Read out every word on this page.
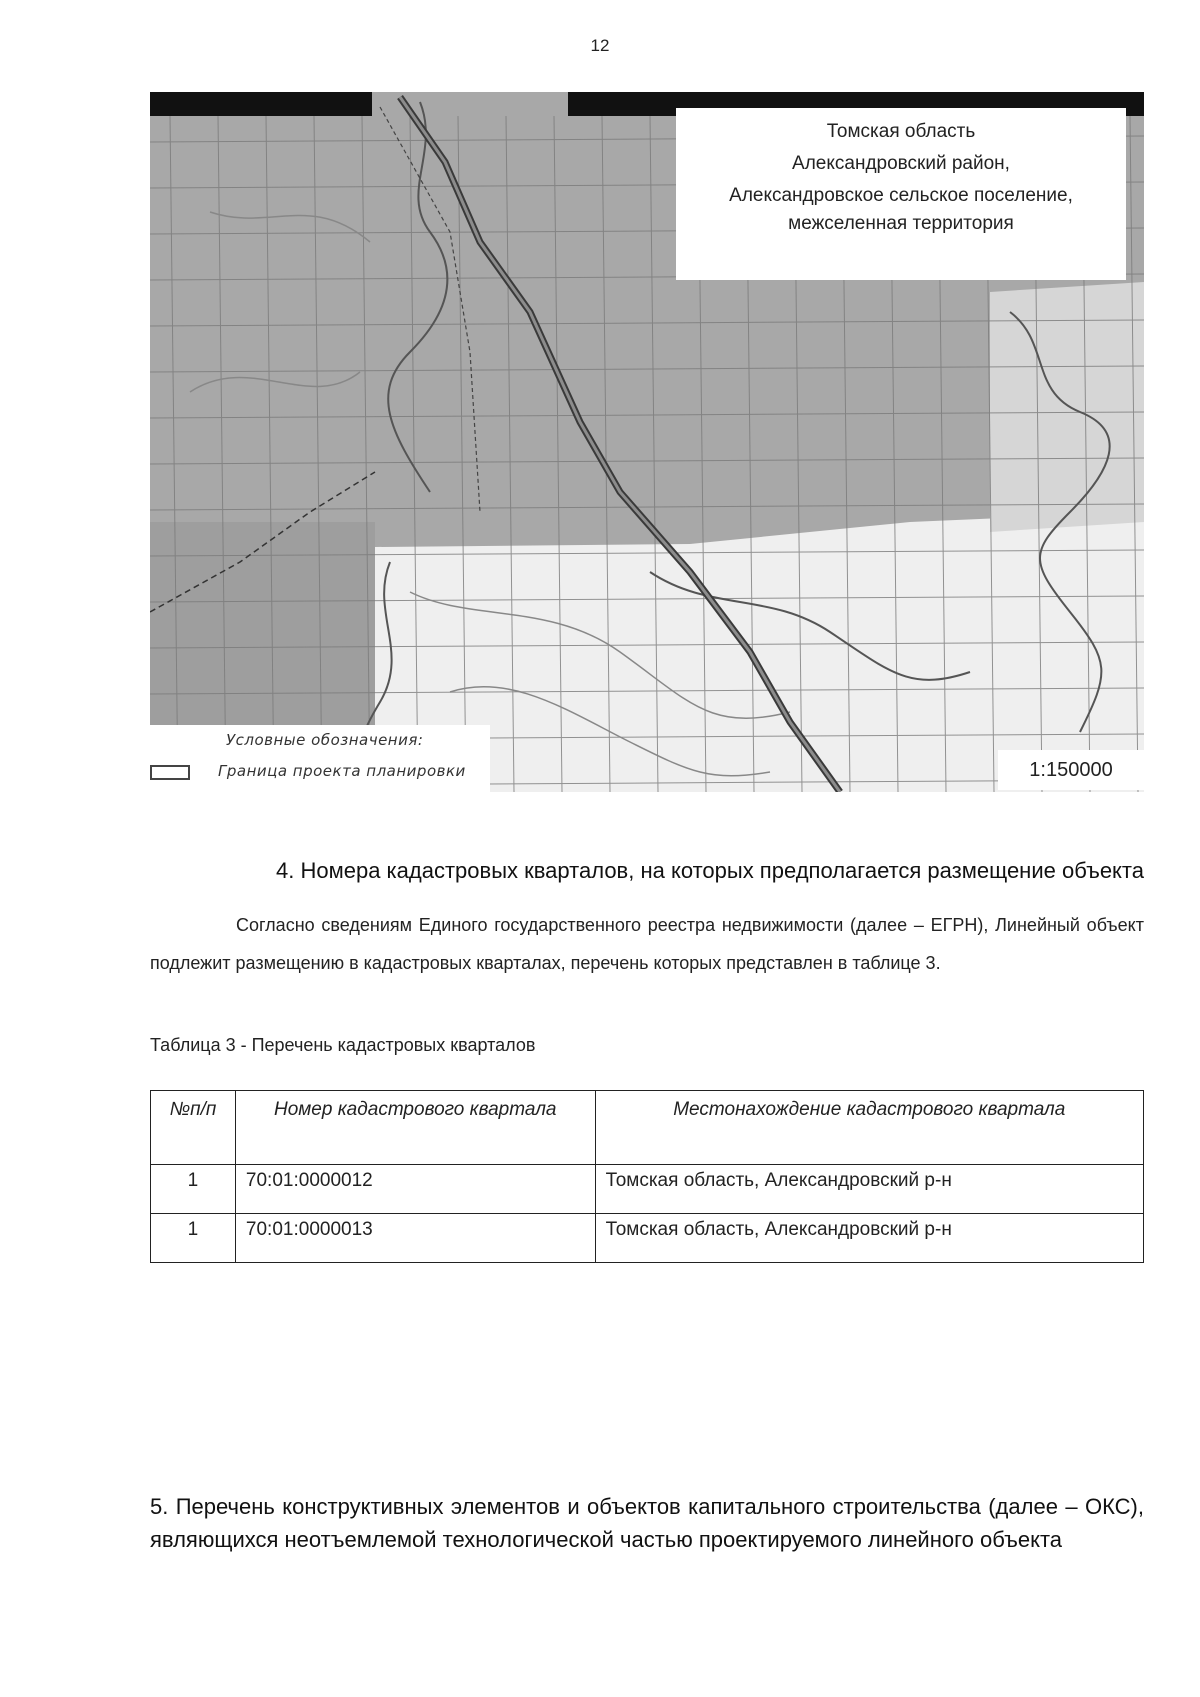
12
Томская область
Александровский район,
Александровское сельское поселение,
межселенная территория
Условные обозначения:
Граница проекта планировки	1:150000
4. Номера кадастровых кварталов, на которых предполагается размещение объекта
Согласно сведениям Единого государственного реестра недвижимости (далее – ЕГРН), Линейный объект подлежит размещению в кадастровых кварталах, перечень которых представлен в таблице 3.
Таблица 3 - Перечень кадастровых кварталов
№п/п	Номер кадастрового квартала	Местонахождение кадастрового квартала
1	70:01:0000012	Томская область, Александровский р-н
1	70:01:0000013	Томская область, Александровский р-н
5. Перечень конструктивных элементов и объектов капитального строительства (далее – ОКС), являющихся неотъемлемой технологической частью проектируемого линейного объекта
